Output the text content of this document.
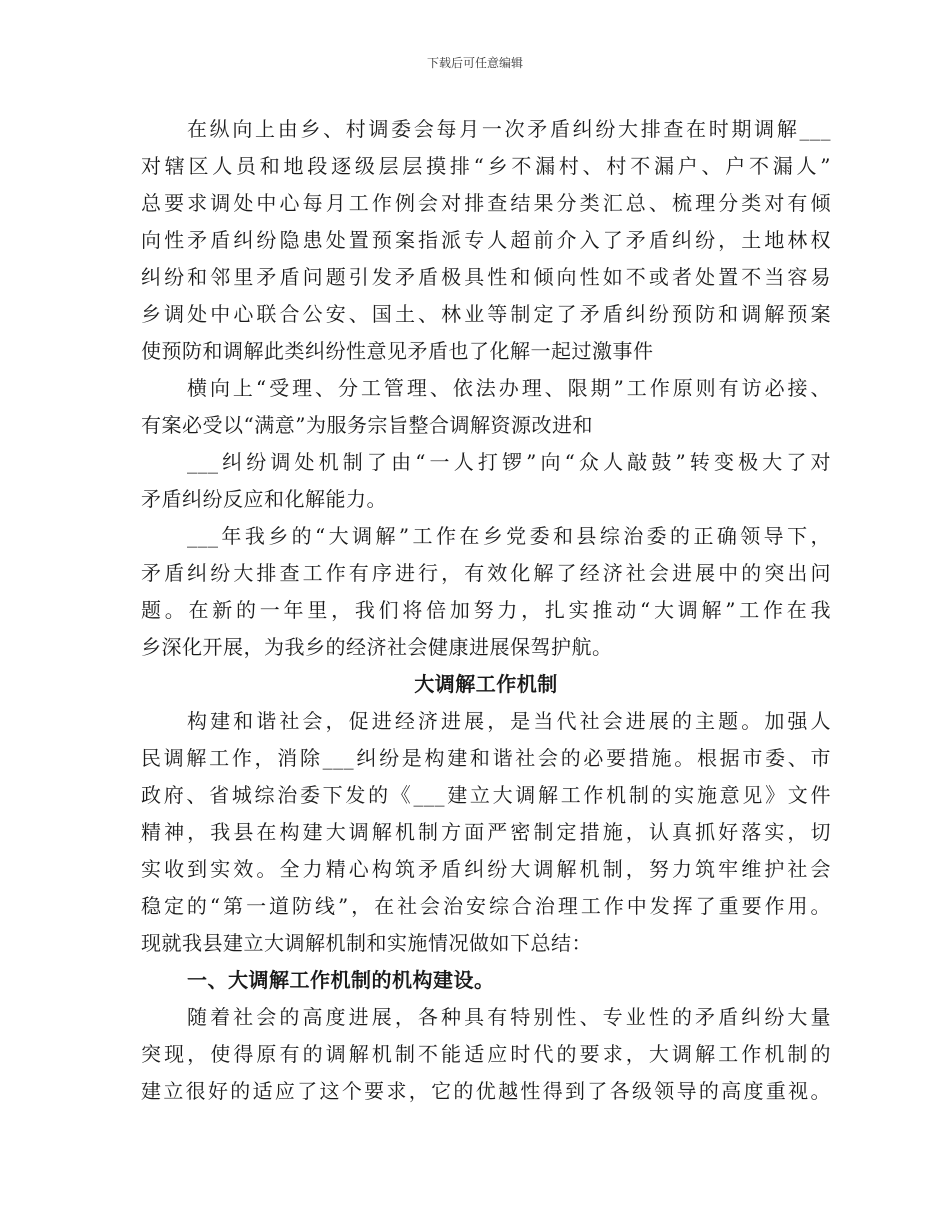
下载后可任意编辑
在纵向上由乡、村调委会每月一次矛盾纠纷大排查在时期调解___
对辖区人员和地段逐级层层摸排“乡不漏村、村不漏户、户不漏人”
总要求调处中心每月工作例会对排查结果分类汇总、梳理分类对有倾
向性矛盾纠纷隐患处置预案指派专人超前介入了矛盾纠纷，土地林权
纠纷和邻里矛盾问题引发矛盾极具性和倾向性如不或者处置不当容易
乡调处中心联合公安、国土、林业等制定了矛盾纠纷预防和调解预案
使预防和调解此类纠纷性意见矛盾也了化解一起过激事件
横向上“受理、分工管理、依法办理、限期”工作原则有访必接、
有案必受以“满意”为服务宗旨整合调解资源改进和
___纠纷调处机制了由“一人打锣”向“众人敲鼓”转变极大了对
矛盾纠纷反应和化解能力。
___年我乡的“大调解”工作在乡党委和县综治委的正确领导下，
矛盾纠纷大排查工作有序进行，有效化解了经济社会进展中的突出问
题。在新的一年里，我们将倍加努力，扎实推动“大调解”工作在我
乡深化开展，为我乡的经济社会健康进展保驾护航。
大调解工作机制
构建和谐社会，促进经济进展，是当代社会进展的主题。加强人
民调解工作，消除___纠纷是构建和谐社会的必要措施。根据市委、市
政府、省城综治委下发的《___建立大调解工作机制的实施意见》文件
精神，我县在构建大调解机制方面严密制定措施，认真抓好落实，切
实收到实效。全力精心构筑矛盾纠纷大调解机制，努力筑牢维护社会
稳定的“第一道防线”，在社会治安综合治理工作中发挥了重要作用。
现就我县建立大调解机制和实施情况做如下总结：
一、大调解工作机制的机构建设。
随着社会的高度进展，各种具有特别性、专业性的矛盾纠纷大量
突现，使得原有的调解机制不能适应时代的要求，大调解工作机制的
建立很好的适应了这个要求，它的优越性得到了各级领导的高度重视。
